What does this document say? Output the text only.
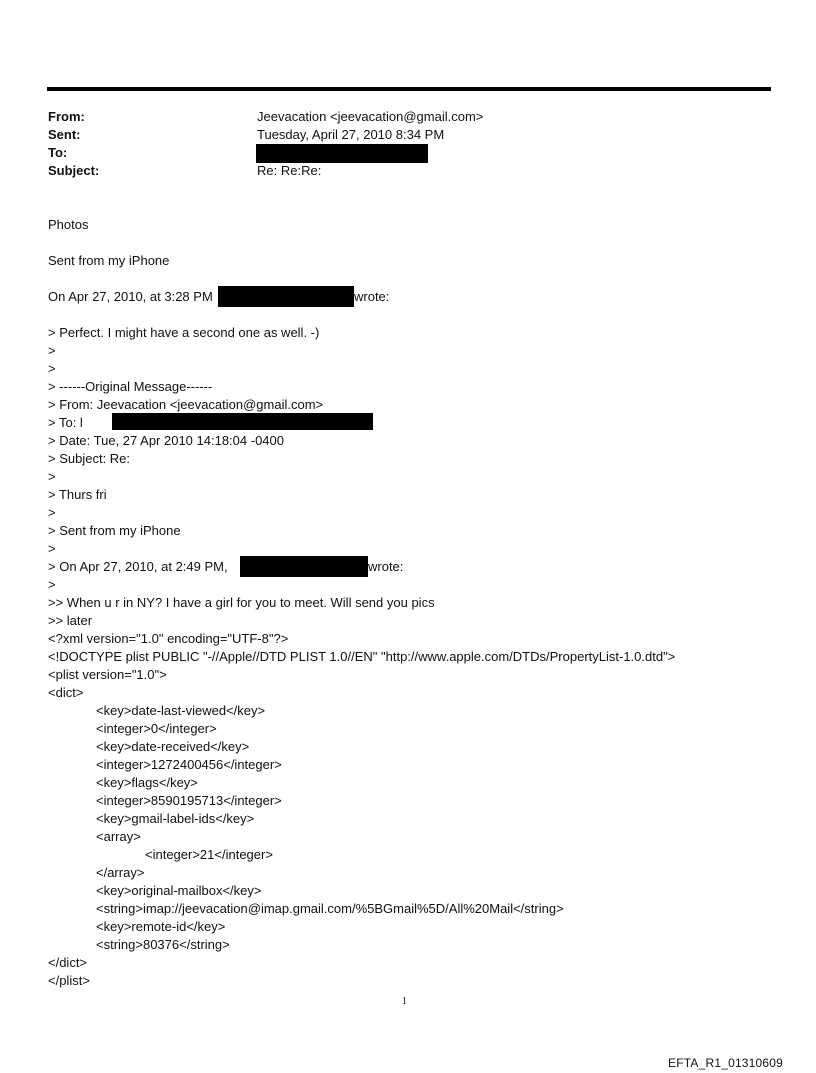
From:	Jeevacation <jeevacation@gmail.com>
Sent:	Tuesday, April 27, 2010 8:34 PM
To:
Subject:	Re: Re:Re:
Photos
Sent from my iPhone
On Apr 27, 2010, at 3:28 PM	wrote:
> Perfect. I might have a second one as well. -)
>
>
> ------Original Message------
> From: Jeevacation <jeevacation@gmail.com>
> To: l
> Date: Tue, 27 Apr 2010 14:18:04 -0400
> Subject: Re:
>
> Thurs fri
>
> Sent from my iPhone
>
> On Apr 27, 2010, at 2:49 PM,	wrote:
>
>> When u r in NY? I have a girl for you to meet. Will send you pics
>> later
<?xml version="1.0" encoding="UTF-8"?>
<!DOCTYPE plist PUBLIC "-//Apple//DTD PLIST 1.0//EN" "http://www.apple.com/DTDs/PropertyList-1.0.dtd">
<plist version="1.0">
<dict>
<key>date-last-viewed</key>
<integer>0</integer>
<key>date-received</key>
<integer>1272400456</integer>
<key>flags</key>
<integer>8590195713</integer>
<key>gmail-label-ids</key>
<array>
<integer>21</integer>
</array>
<key>original-mailbox</key>
<string>imap://jeevacation@imap.gmail.com/%5BGmail%5D/All%20Mail</string>
<key>remote-id</key>
<string>80376</string>
</dict>
</plist>
1
EFTA_R1_01310609
